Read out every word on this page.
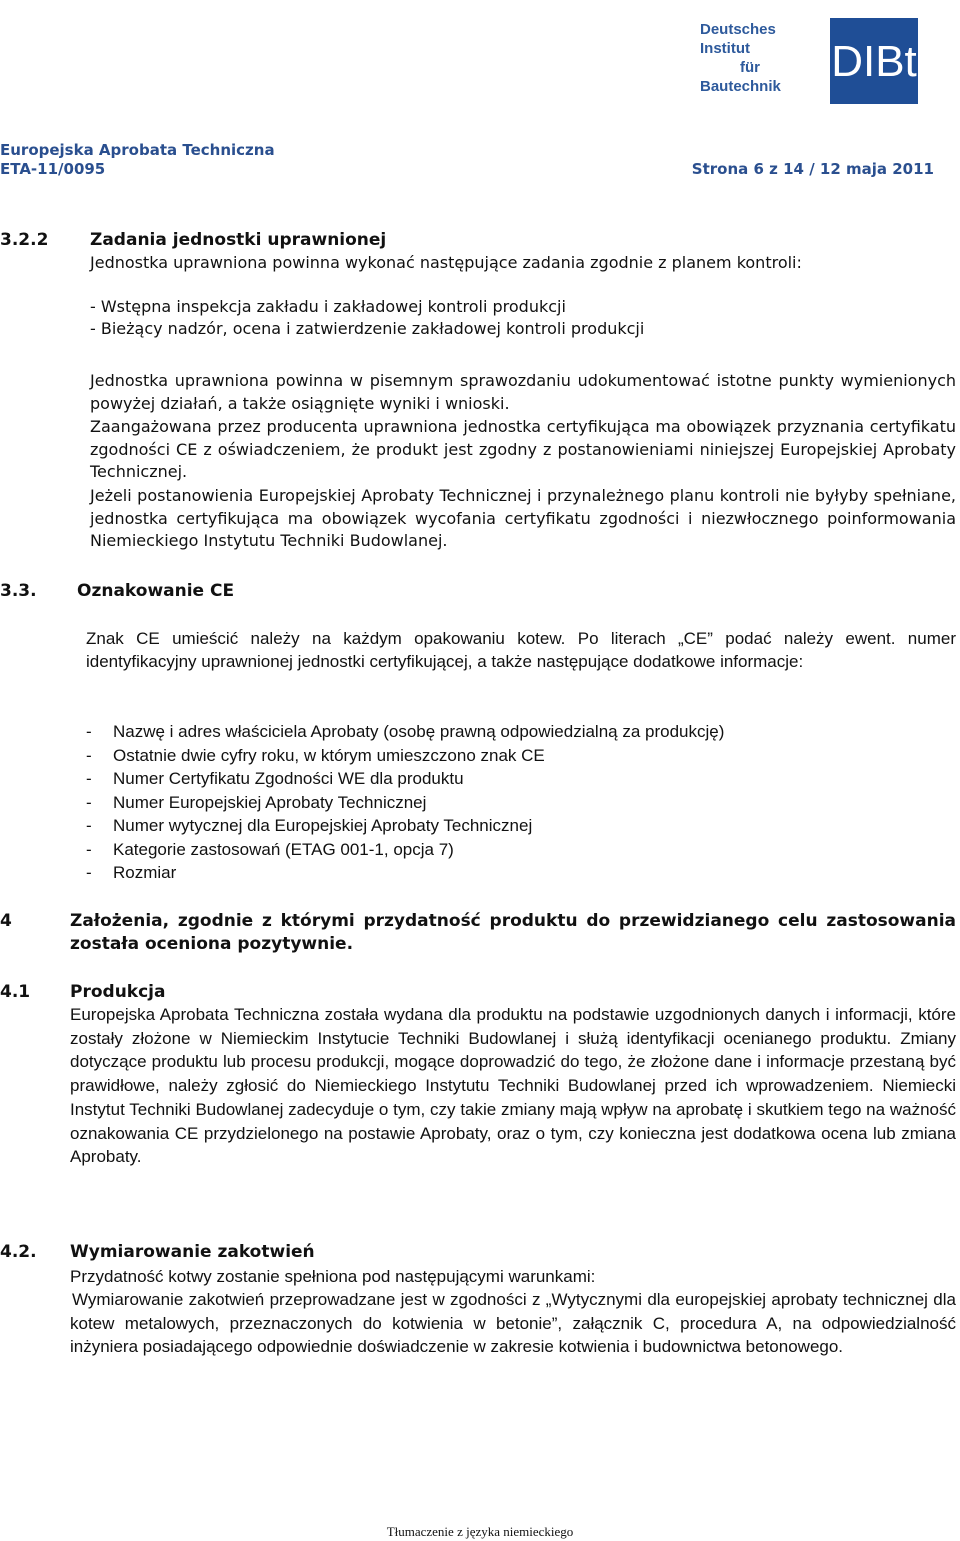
Deutsches
Institut
für
Bautechnik
DIBt
Europejska Aprobata Techniczna
ETA-11/0095	Strona 6 z 14 / 12 maja 2011
3.2.2 Zadania jednostki uprawnionej
Jednostka uprawniona powinna wykonać następujące zadania zgodnie z planem kontroli:
- Wstępna inspekcja zakładu i zakładowej kontroli produkcji
- Bieżący nadzór, ocena i zatwierdzenie zakładowej kontroli produkcji

Jednostka uprawniona powinna w pisemnym sprawozdaniu udokumentować istotne punkty wymienionych powyżej działań, a także osiągnięte wyniki i wnioski.

Zaangażowana przez producenta uprawniona jednostka certyfikująca ma obowiązek przyznania certyfikatu zgodności CE z oświadczeniem, że produkt jest zgodny z postanowieniami niniejszej Europejskiej Aprobaty Technicznej.

Jeżeli postanowienia Europejskiej Aprobaty Technicznej i przynależnego planu kontroli nie byłyby spełniane, jednostka certyfikująca ma obowiązek wycofania certyfikatu zgodności i niezwłocznego poinformowania Niemieckiego Instytutu Techniki Budowlanej.

3.3. Oznakowanie CE

Znak CE umieścić należy na każdym opakowaniu kotew. Po literach „CE” podać należy ewent. numer identyfikacyjny uprawnionej jednostki certyfikującej, a także następujące dodatkowe informacje:

- Nazwę i adres właściciela Aprobaty (osobę prawną odpowiedzialną za produkcję)
- Ostatnie dwie cyfry roku, w którym umieszczono znak CE
- Numer Certyfikatu Zgodności WE dla produktu
- Numer Europejskiej Aprobaty Technicznej
- Numer wytycznej dla Europejskiej Aprobaty Technicznej
- Kategorie zastosowań (ETAG 001-1, opcja 7)
- Rozmiar
4	Założenia, zgodnie z którymi przydatność produktu do przewidzianego celu zastosowania została oceniona pozytywnie.

4.1 Produkcja

Europejska Aprobata Techniczna została wydana dla produktu na podstawie uzgodnionych danych i informacji, które zostały złożone w Niemieckim Instytucie Techniki Budowlanej i służą identyfikacji ocenianego produktu. Zmiany dotyczące produktu lub procesu produkcji, mogące doprowadzić do tego, że złożone dane i informacje przestaną być prawidłowe, należy zgłosić do Niemieckiego Instytutu Techniki Budowlanej przed ich wprowadzeniem. Niemiecki Instytut Techniki Budowlanej zadecyduje o tym, czy takie zmiany mają wpływ na aprobatę i skutkiem tego na ważność oznakowania CE przydzielonego na postawie Aprobaty, oraz o tym, czy konieczna jest dodatkowa ocena lub zmiana Aprobaty.

4.2. Wymiarowanie zakotwień
Przydatność kotwy zostanie spełniona pod następującymi warunkami:

Wymiarowanie zakotwień przeprowadzane jest w zgodności z „Wytycznymi dla europejskiej aprobaty technicznej dla kotew metalowych, przeznaczonych do kotwienia w betonie”, załącznik C, procedura A, na odpowiedzialność inżyniera posiadającego odpowiednie doświadczenie w zakresie kotwienia i budownictwa betonowego.

Tłumaczenie z języka niemieckiego
